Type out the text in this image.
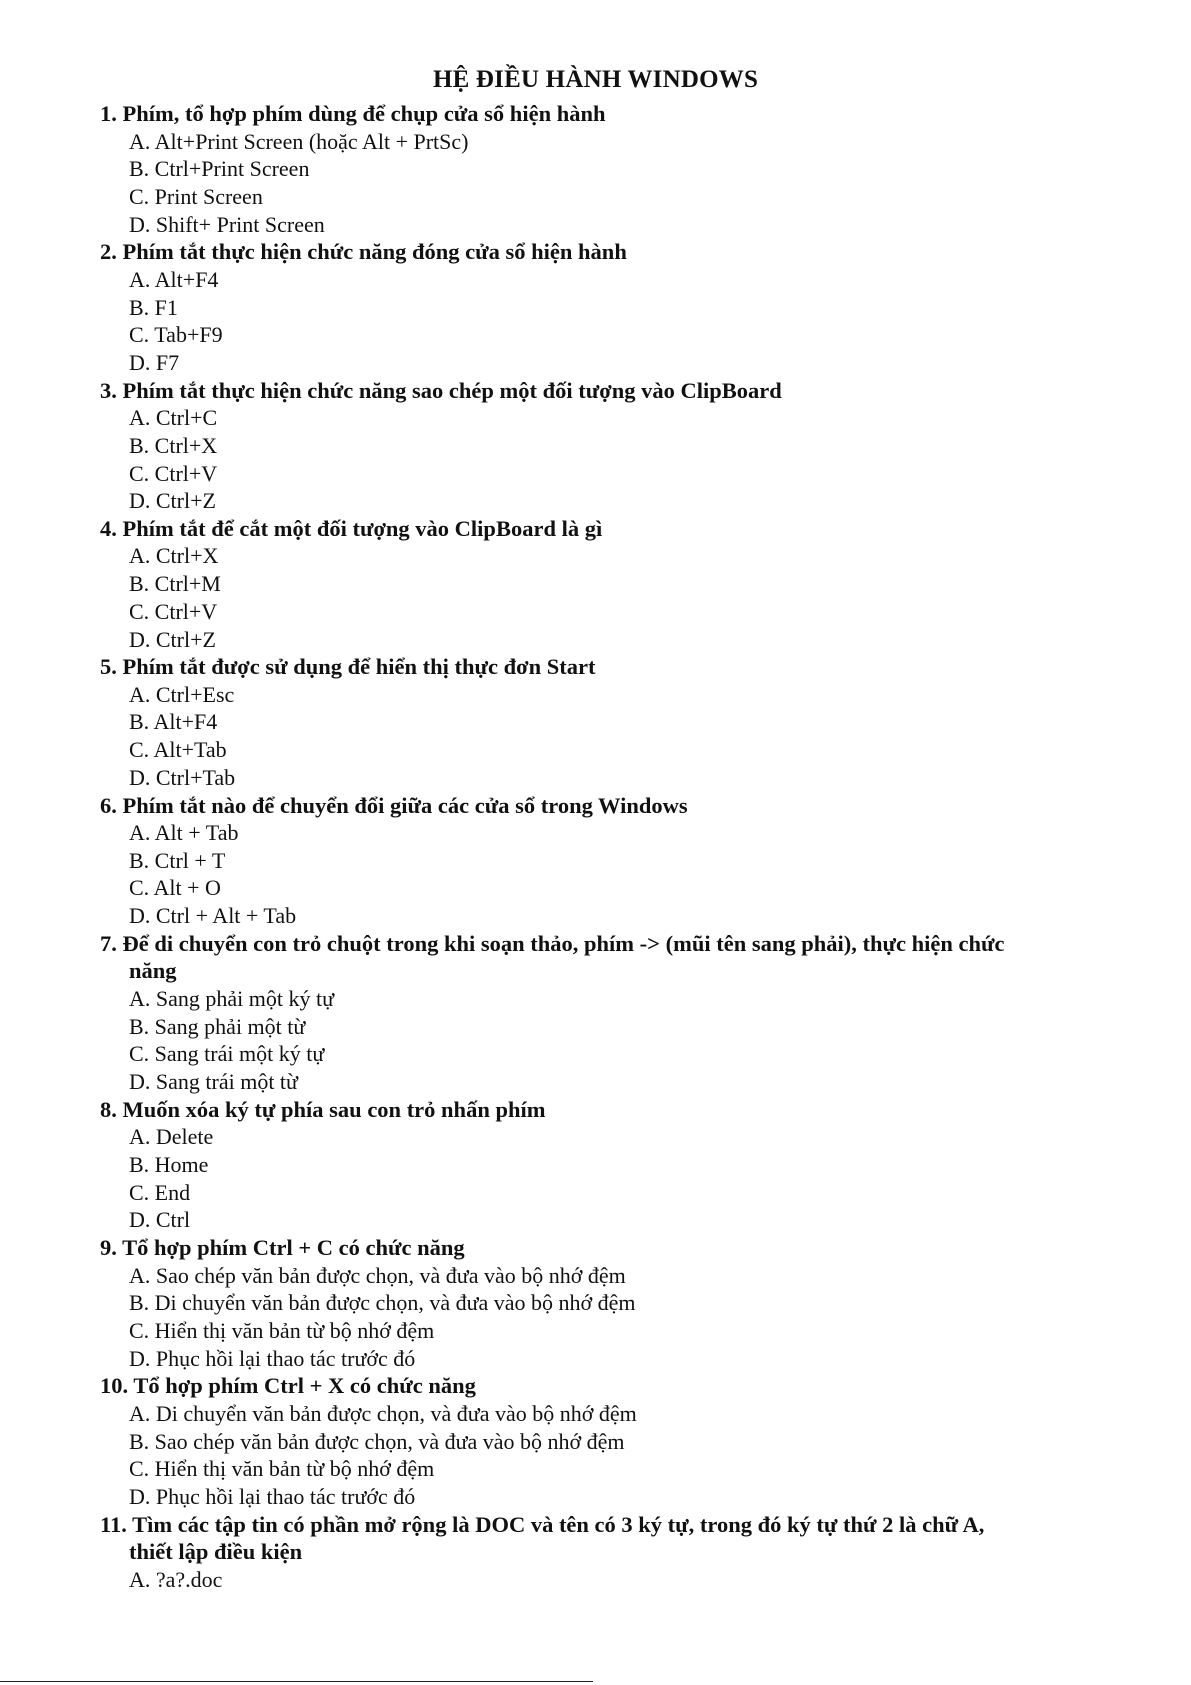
HỆ ĐIỀU HÀNH WINDOWS
1. Phím, tổ hợp phím dùng để chụp cửa sổ hiện hành
A. Alt+Print Screen (hoặc Alt + PrtSc)
B. Ctrl+Print Screen
C. Print Screen
D. Shift+ Print Screen
2. Phím tắt thực hiện chức năng đóng cửa sổ hiện hành
A. Alt+F4
B. F1
C. Tab+F9
D. F7
3. Phím tắt thực hiện chức năng sao chép một đối tượng vào ClipBoard
A. Ctrl+C
B. Ctrl+X
C. Ctrl+V
D. Ctrl+Z
4. Phím tắt để cắt một đối tượng vào ClipBoard là gì
A. Ctrl+X
B. Ctrl+M
C. Ctrl+V
D. Ctrl+Z
5. Phím tắt được sử dụng để hiển thị thực đơn Start
A. Ctrl+Esc
B. Alt+F4
C. Alt+Tab
D. Ctrl+Tab
6. Phím tắt nào để chuyển đổi giữa các cửa sổ trong Windows
A. Alt + Tab
B. Ctrl + T
C. Alt + O
D. Ctrl + Alt + Tab
7. Để di chuyển con trỏ chuột trong khi soạn thảo, phím -> (mũi tên sang phải), thực hiện chức
năng
A. Sang phải một ký tự
B. Sang phải một từ
C. Sang trái một ký tự
D. Sang trái một từ
8. Muốn xóa ký tự phía sau con trỏ nhấn phím
A. Delete
B. Home
C. End
D. Ctrl
9. Tổ hợp phím Ctrl + C có chức năng
A. Sao chép văn bản được chọn, và đưa vào bộ nhớ đệm
B. Di chuyển văn bản được chọn, và đưa vào bộ nhớ đệm
C. Hiển thị văn bản từ bộ nhớ đệm
D. Phục hồi lại thao tác trước đó
10. Tổ hợp phím Ctrl + X có chức năng
A. Di chuyển văn bản được chọn, và đưa vào bộ nhớ đệm
B. Sao chép văn bản được chọn, và đưa vào bộ nhớ đệm
C. Hiển thị văn bản từ bộ nhớ đệm
D. Phục hồi lại thao tác trước đó
11. Tìm các tập tin có phần mở rộng là DOC và tên có 3 ký tự, trong đó ký tự thứ 2 là chữ A,
thiết lập điều kiện
A. ?a?.doc
